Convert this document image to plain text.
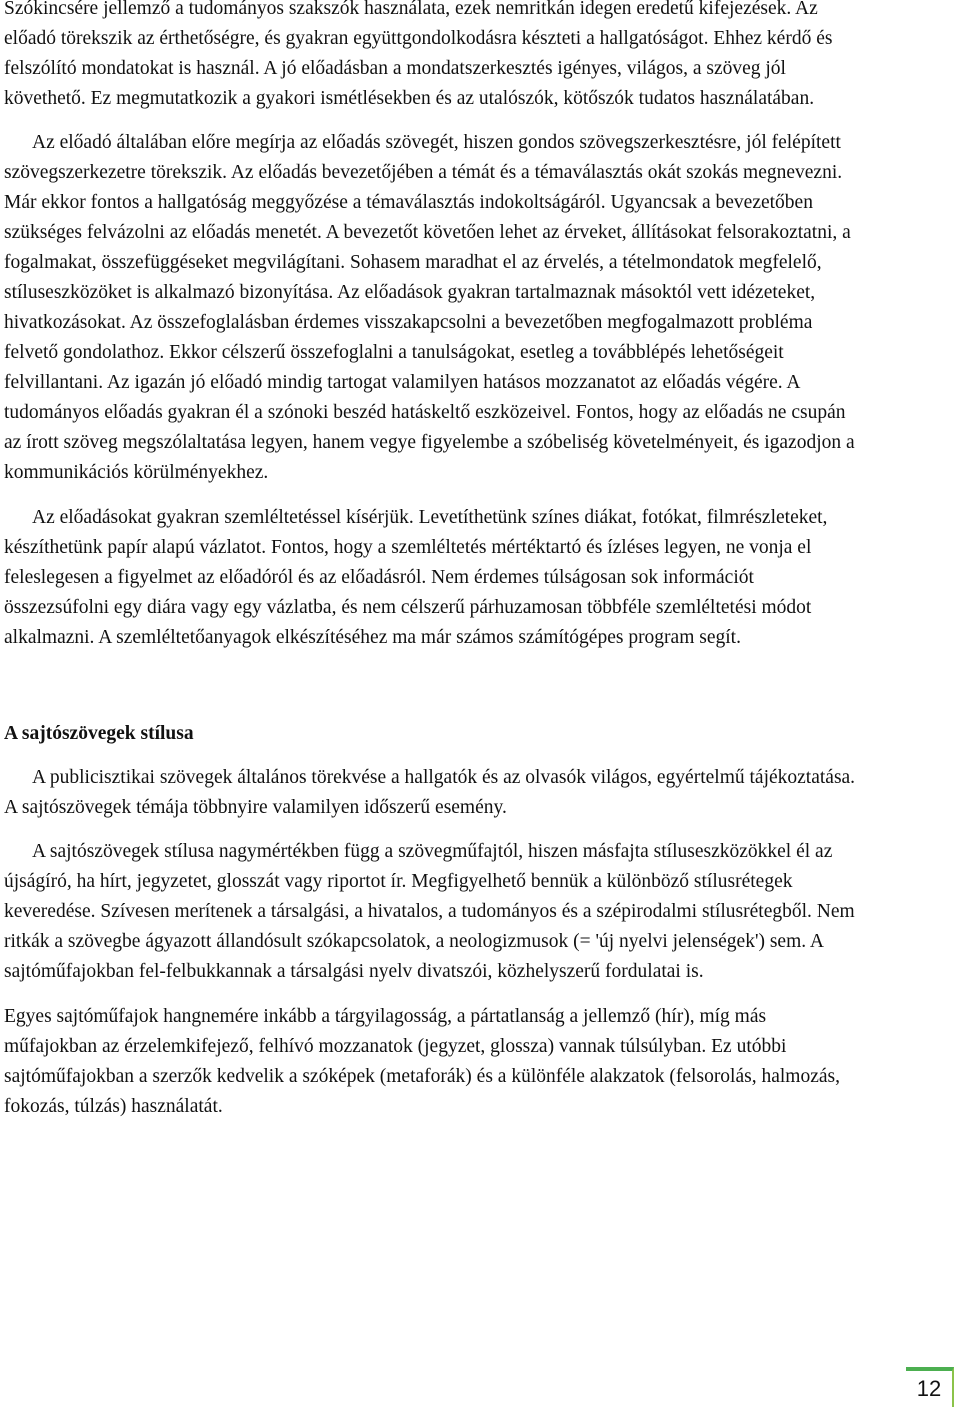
Szókincsére jellemző a tudományos szakszók használata, ezek nemritkán idegen eredetű kifejezések. Az előadó törekszik az érthetőségre, és gyakran együttgondolkodásra készteti a hallgatóságot. Ehhez kérdő és felszólító mondatokat is használ. A jó előadásban a mondatszerkesztés igényes, világos, a szöveg jól követhető. Ez megmutatkozik a gyakori ismétlésekben és az utalószók, kötőszók tudatos használatában.

Az előadó általában előre megírja az előadás szövegét, hiszen gondos szövegszerkesztésre, jól felépített szövegszerkezetre törekszik. Az előadás bevezetőjében a témát és a témaválasztás okát szokás megnevezni. Már ekkor fontos a hallgatóság meggyőzése a témaválasztás indokoltságáról. Ugyancsak a bevezetőben szükséges felvázolni az előadás menetét. A bevezetőt követően lehet az érveket, állításokat felsorakoztatni, a fogalmakat, összefüggéseket megvilágítani. Sohasem maradhat el az érvelés, a tételmondatok megfelelő, stíluseszközöket is alkalmazó bizonyítása. Az előadások gyakran tartalmaznak másoktól vett idézeteket, hivatkozásokat. Az összefoglalásban érdemes visszakapcsolni a bevezetőben megfogalmazott probléma felvető gondolathoz. Ekkor célszerű összefoglalni a tanulságokat, esetleg a továbblépés lehetőségeit felvillantani. Az igazán jó előadó mindig tartogat valamilyen hatásos mozzanatot az előadás végére. A tudományos előadás gyakran él a szónoki beszéd hatáskeltő eszközeivel. Fontos, hogy az előadás ne csupán az írott szöveg megszólaltatása legyen, hanem vegye figyelembe a szóbeliség követelményeit, és igazodjon a kommunikációs körülményekhez.

Az előadásokat gyakran szemléltetéssel kísérjük. Levetíthetünk színes diákat, fotókat, filmrészleteket, készíthetünk papír alapú vázlatot. Fontos, hogy a szemléltetés mértéktartó és ízléses legyen, ne vonja el feleslegesen a figyelmet az előadóról és az előadásról. Nem érdemes túlságosan sok információt összezsúfolni egy diára vagy egy vázlatba, és nem célszerű párhuzamosan többféle szemléltetési módot alkalmazni. A szemléltetőanyagok elkészítéséhez ma már számos számítógépes program segít.

A sajtószövegek stílusa

A publicisztikai szövegek általános törekvése a hallgatók és az olvasók világos, egyértelmű tájékoztatása. A sajtószövegek témája többnyire valamilyen időszerű esemény.

A sajtószövegek stílusa nagymértékben függ a szövegműfajtól, hiszen másfajta stíluseszközökkel él az újságíró, ha hírt, jegyzetet, glosszát vagy riportot ír. Megfigyelhető bennük a különböző stílusrétegek keveredése. Szívesen merítenek a társalgási, a hivatalos, a tudományos és a szépirodalmi stílusrétegből. Nem ritkák a szövegbe ágyazott állandósult szókapcsolatok, a neologizmusok (= 'új nyelvi jelenségek') sem. A sajtóműfajokban fel-felbukkannak a társalgási nyelv divatszói, közhelyszerű fordulatai is.

Egyes sajtóműfajok hangnemére inkább a tárgyilagosság, a pártatlanság a jellemző (hír), míg más műfajokban az érzelemkifejező, felhívó mozzanatok (jegyzet, glossza) vannak túlsúlyban. Ez utóbbi sajtóműfajokban a szerzők kedvelik a szóképek (metaforák) és a különféle alakzatok (felsorolás, halmozás, fokozás, túlzás) használatát.

12
